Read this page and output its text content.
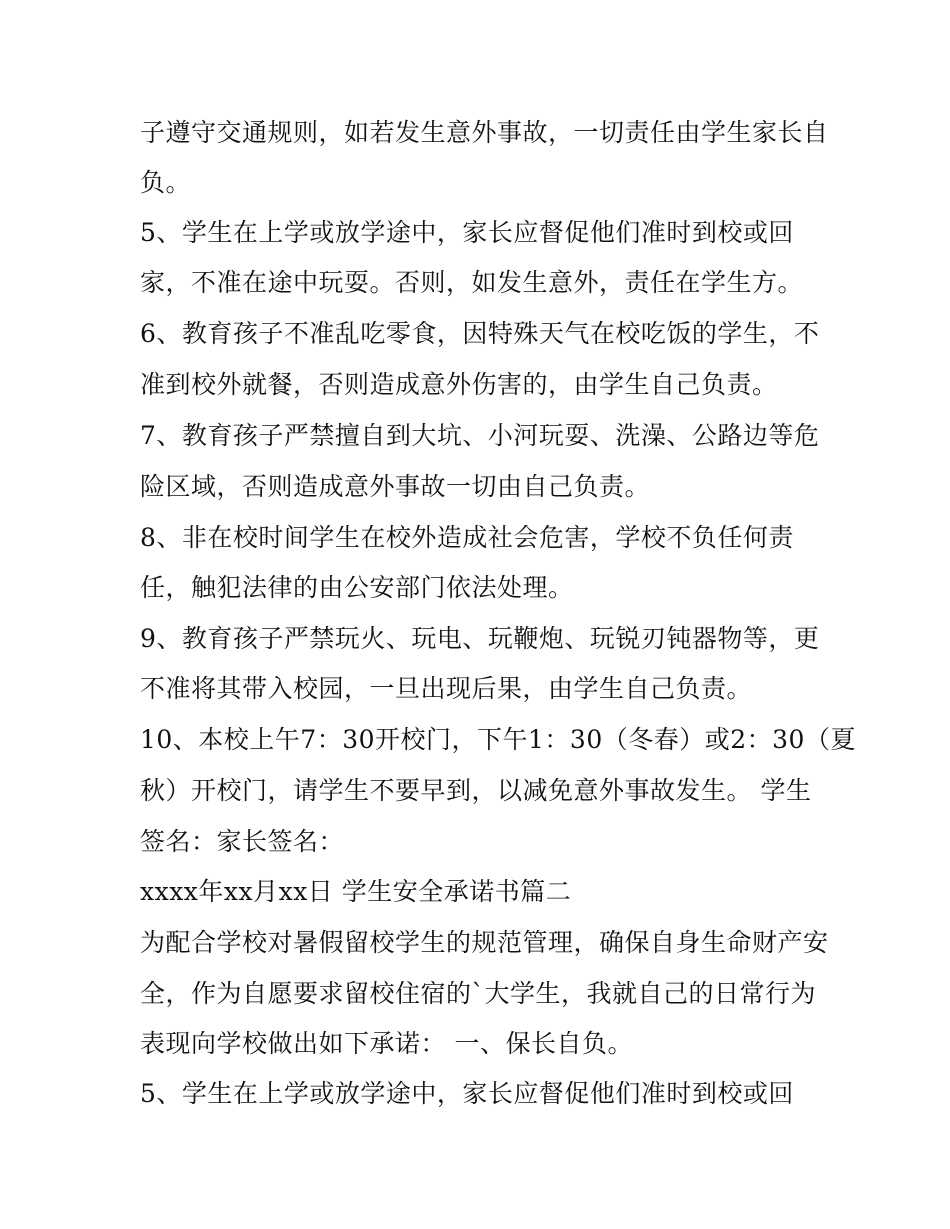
子遵守交通规则，如若发生意外事故，一切责任由学生家长自
负。
5、学生在上学或放学途中，家长应督促他们准时到校或回
家，不准在途中玩耍。否则，如发生意外，责任在学生方。
6、教育孩子不准乱吃零食，因特殊天气在校吃饭的学生，不
准到校外就餐，否则造成意外伤害的，由学生自己负责。
7、教育孩子严禁擅自到大坑、小河玩耍、洗澡、公路边等危
险区域，否则造成意外事故一切由自己负责。
8、非在校时间学生在校外造成社会危害，学校不负任何责
任，触犯法律的由公安部门依法处理。
9、教育孩子严禁玩火、玩电、玩鞭炮、玩锐刃钝器物等，更
不准将其带入校园，一旦出现后果，由学生自己负责。
10、本校上午7：30开校门，下午1：30（冬春）或2：30（夏
秋）开校门，请学生不要早到，以减免意外事故发生。 学生
签名：家长签名：
xxxx年xx月xx日 学生安全承诺书篇二
为配合学校对暑假留校学生的规范管理，确保自身生命财产安
全，作为自愿要求留校住宿的`大学生，我就自己的日常行为
表现向学校做出如下承诺： 一、保长自负。
5、学生在上学或放学途中，家长应督促他们准时到校或回
